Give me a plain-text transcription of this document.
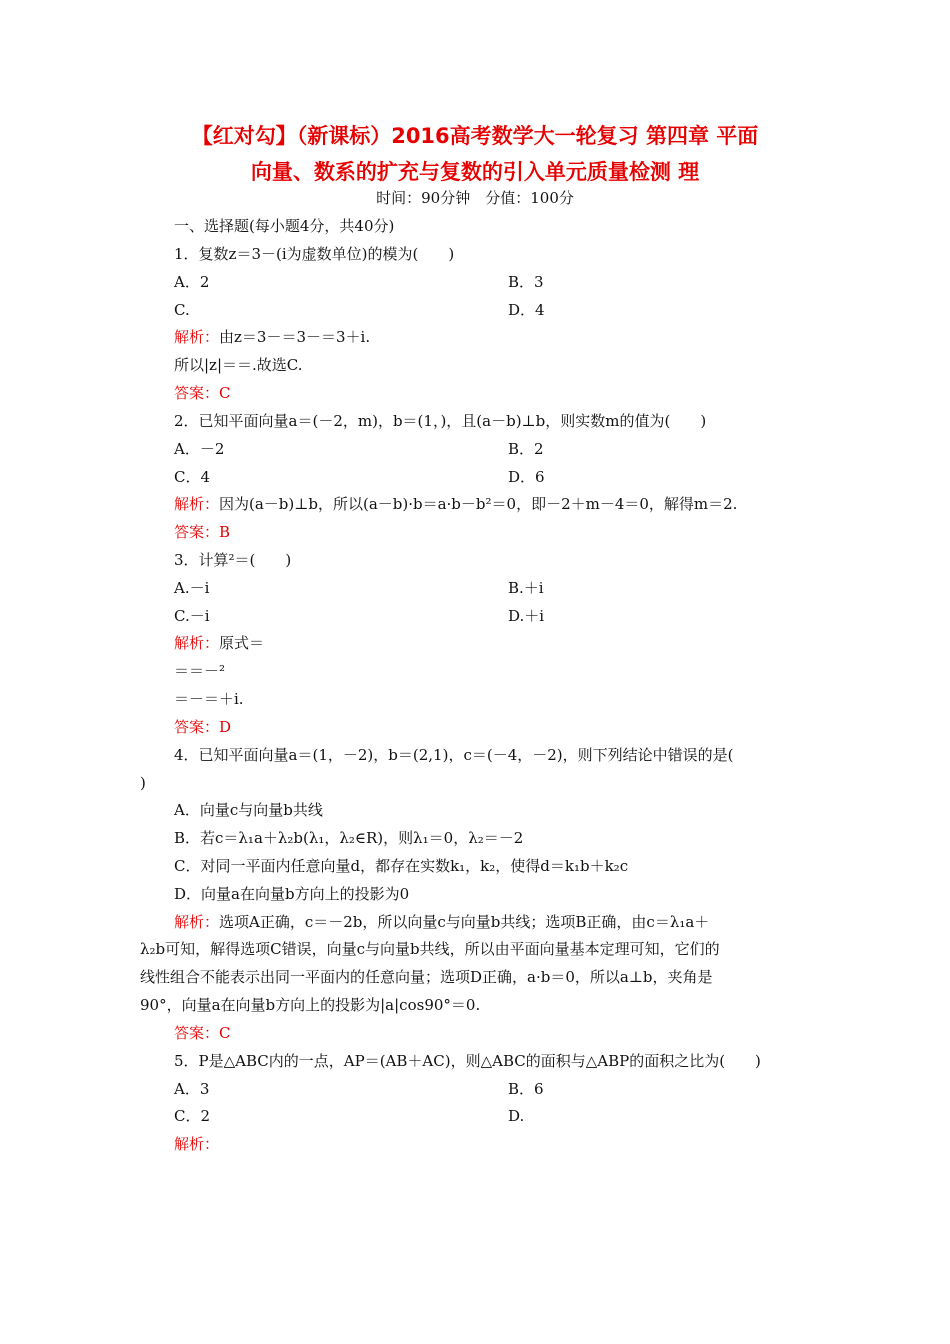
【红对勾】（新课标）2016高考数学大一轮复习 第四章 平面
向量、数系的扩充与复数的引入单元质量检测 理
时间：90分钟　分值：100分
一、选择题(每小题4分，共40分)
1．复数z＝3－(i为虚数单位)的模为(　　)
A．2	B．3
C.	D．4
解析：由z＝3－＝3－＝3＋i.
所以|z|＝＝.故选C.
答案：C
2．已知平面向量a＝(－2，m)，b＝(1，)，且(a－b)⊥b，则实数m的值为(　　)
A．－2	B．2
C．4	D．6
解析：因为(a－b)⊥b，所以(a－b)·b＝a·b－b²＝0，即－2＋m－4＝0，解得m＝2.
答案：B
3．计算²＝(　　)
A.－i	B.＋i
C.－i	D.＋i
解析：原式＝
＝＝－²
＝－＝＋i.
答案：D
4．已知平面向量a＝(1，－2)，b＝(2,1)，c＝(－4，－2)，则下列结论中错误的是(
)
A．向量c与向量b共线
B．若c＝λ₁a＋λ₂b(λ₁，λ₂∈R)，则λ₁＝0，λ₂＝－2
C．对同一平面内任意向量d，都存在实数k₁，k₂，使得d＝k₁b＋k₂c
D．向量a在向量b方向上的投影为0
解析：选项A正确，c＝－2b，所以向量c与向量b共线；选项B正确，由c＝λ₁a＋
λ₂b可知，解得选项C错误，向量c与向量b共线，所以由平面向量基本定理可知，它们的
线性组合不能表示出同一平面内的任意向量；选项D正确，a·b＝0，所以a⊥b，夹角是
90°，向量a在向量b方向上的投影为|a|cos90°＝0.
答案：C
5．P是△ABC内的一点，AP＝(AB＋AC)，则△ABC的面积与△ABP的面积之比为(　　)
A．3	B．6
C．2	D.
解析：
